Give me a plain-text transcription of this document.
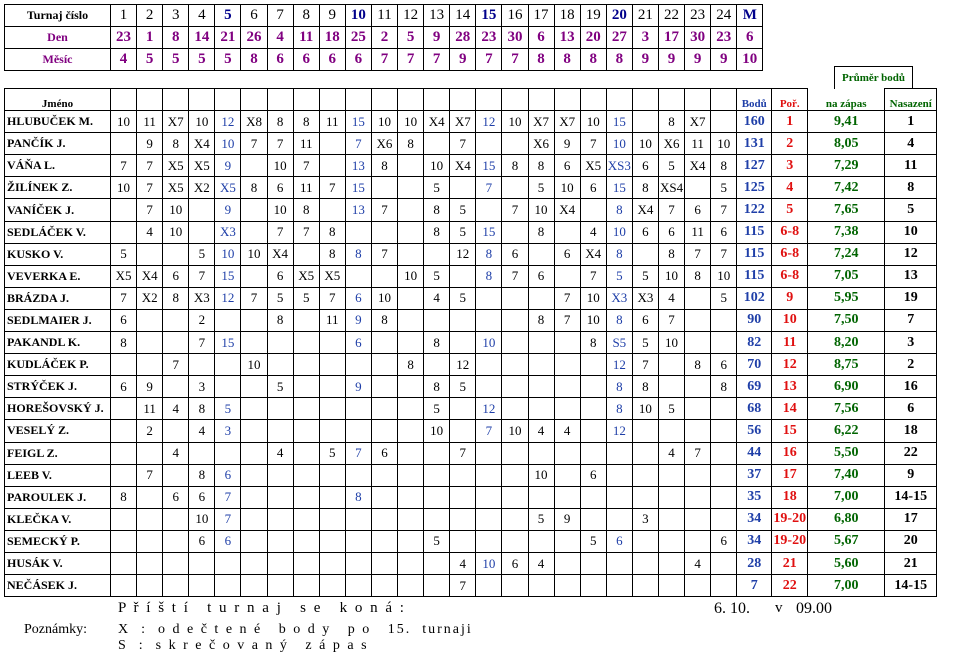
Turnaj číslo	1	2	3	4	5	6	7	8	9	10	11	12	13	14	15	16	17	18	19	20	21	22	23	24	M
Den	23	1	8	14	21	26	4	11	18	25	2	5	9	28	23	30	6	13	20	27	3	17	30	23	6
Měsíc	4	5	5	5	5	8	6	6	6	6	7	7	7	9	7	7	8	8	8	8	9	9	9	9	10
Průměr bodů
Jméno																									Bodů	Poř.	na zápas	Nasazení
HLUBUČEK M.	10	11	X7	10	12	X8	8	8	11	15	10	10	X4	X7	12	10	X7	X7	10	15		8	X7		160	1	9,41	1
PANČÍK J.		9	8	X4	10	7	7	11		7	X6	8		7			X6	9	7	10	10	X6	11	10	131	2	8,05	4
VÁŇA L.	7	7	X5	X5	9		10	7		13	8		10	X4	15	8	8	6	X5	XS3	6	5	X4	8	127	3	7,29	11
ŽILÍNEK Z.	10	7	X5	X2	X5	8	6	11	7	15			5		7		5	10	6	15	8	XS4		5	125	4	7,42	8
VANÍČEK J.		7	10		9		10	8		13	7		8	5		7	10	X4		8	X4	7	6	7	122	5	7,65	5
SEDLÁČEK V.		4	10		X3		7	7	8				8	5	15		8		4	10	6	6	11	6	115	6-8	7,38	10
KUSKO V.	5			5	10	10	X4		8	8	7			12	8	6		6	X4	8		8	7	7	115	6-8	7,24	12
VEVERKA E.	X5	X4	6	7	15		6	X5	X5			10	5		8	7	6		7	5	5	10	8	10	115	6-8	7,05	13
BRÁZDA J.	7	X2	8	X3	12	7	5	5	7	6	10		4	5				7	10	X3	X3	4		5	102	9	5,95	19
SEDLMAIER J.	6			2			8		11	9	8						8	7	10	8	6	7			90	10	7,50	7
PAKANDL K.	8			7	15					6			8		10				8	S5	5	10			82	11	8,20	3
KUDLÁČEK P.			7			10						8		12						12	7		8	6	70	12	8,75	2
STRÝČEK J.	6	9		3			5			9			8	5						8	8			8	69	13	6,90	16
HOREŠOVSKÝ J.		11	4	8	5								5		12					8	10	5			68	14	7,56	6
VESELÝ Z.		2		4	3								10		7	10	4	4		12					56	15	6,22	18
FEIGL Z.			4				4		5	7	6			7								4	7		44	16	5,50	22
LEEB V.		7		8	6												10		6						37	17	7,40	9
PAROULEK J.	8		6	6	7					8															35	18	7,00	14-15
KLEČKA V.				10	7												5	9			3				34	19-20	6,80	17
SEMECKÝ P.				6	6								5						5	6				6	34	19-20	5,67	20
HUSÁK V.														4	10	6	4						4		28	21	5,60	21
NEČÁSEK J.														7											7	22	7,00	14-15
P ř í š t í   t u r n a j   s e   k o n á :	6. 10. v 09.00
Poznámky: X  :  o d e č t e n é   b o d y   p o   15.  turnaji
S  :  s k r e č o v a n ý   z á p a s
